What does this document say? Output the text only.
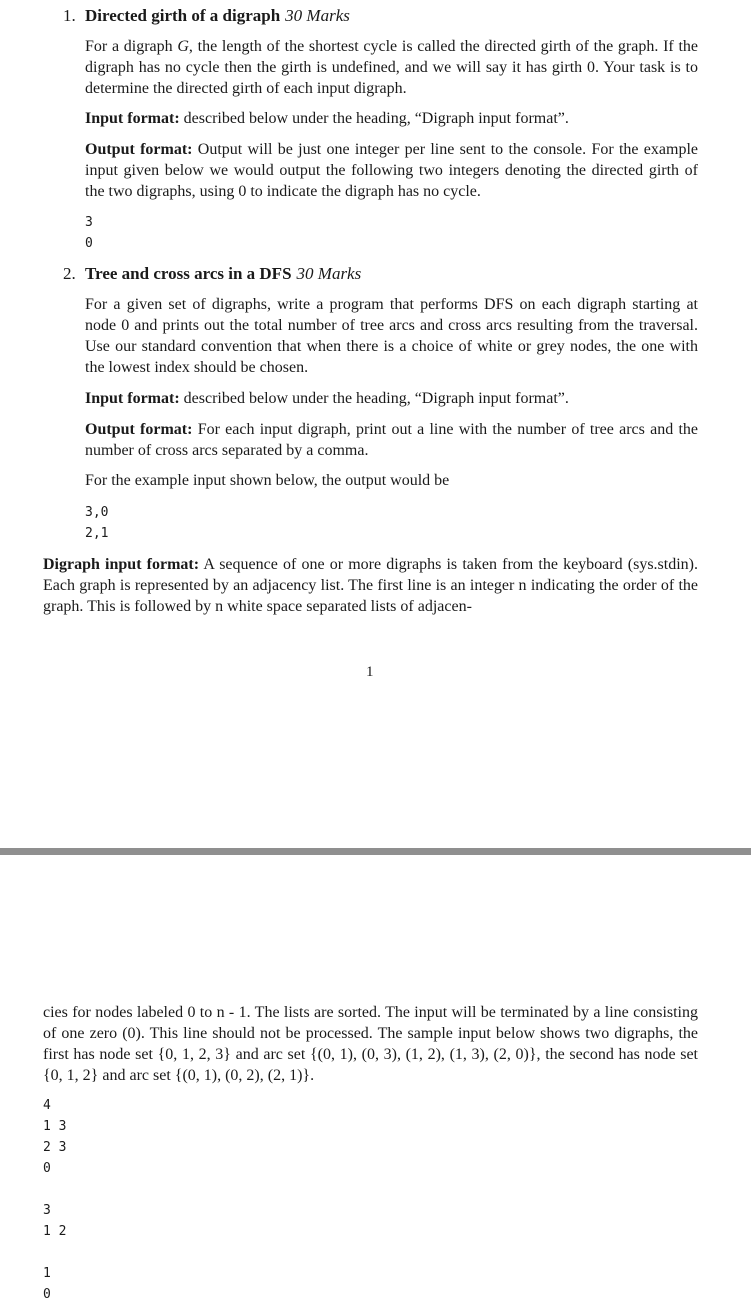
1. Directed girth of a digraph 30 Marks

For a digraph G, the length of the shortest cycle is called the directed girth of the graph. If the digraph has no cycle then the girth is undefined, and we will say it has girth 0. Your task is to determine the directed girth of each input digraph.

Input format: described below under the heading, “Digraph input format”.

Output format: Output will be just one integer per line sent to the console. For the example input given below we would output the following two integers denoting the directed girth of the two digraphs, using 0 to indicate the digraph has no cycle.

3
0
2. Tree and cross arcs in a DFS 30 Marks

For a given set of digraphs, write a program that performs DFS on each digraph starting at node 0 and prints out the total number of tree arcs and cross arcs resulting from the traversal. Use our standard convention that when there is a choice of white or grey nodes, the one with the lowest index should be chosen.

Input format: described below under the heading, “Digraph input format”.

Output format: For each input digraph, print out a line with the number of tree arcs and the number of cross arcs separated by a comma.

For the example input shown below, the output would be

3,0
2,1

Digraph input format: A sequence of one or more digraphs is taken from the keyboard (sys.stdin). Each graph is represented by an adjacency list. The first line is an integer n indicating the order of the graph. This is followed by n white space separated lists of adjacen-

1

cies for nodes labeled 0 to n - 1. The lists are sorted. The input will be terminated by a line consisting of one zero (0). This line should not be processed. The sample input below shows two digraphs, the first has node set {0, 1, 2, 3} and arc set {(0, 1), (0, 3), (1, 2), (1, 3), (2, 0)}, the second has node set {0, 1, 2} and arc set {(0, 1), (0, 2), (2, 1)}.

4
1 3
2 3
0
3
1 2
1
0
